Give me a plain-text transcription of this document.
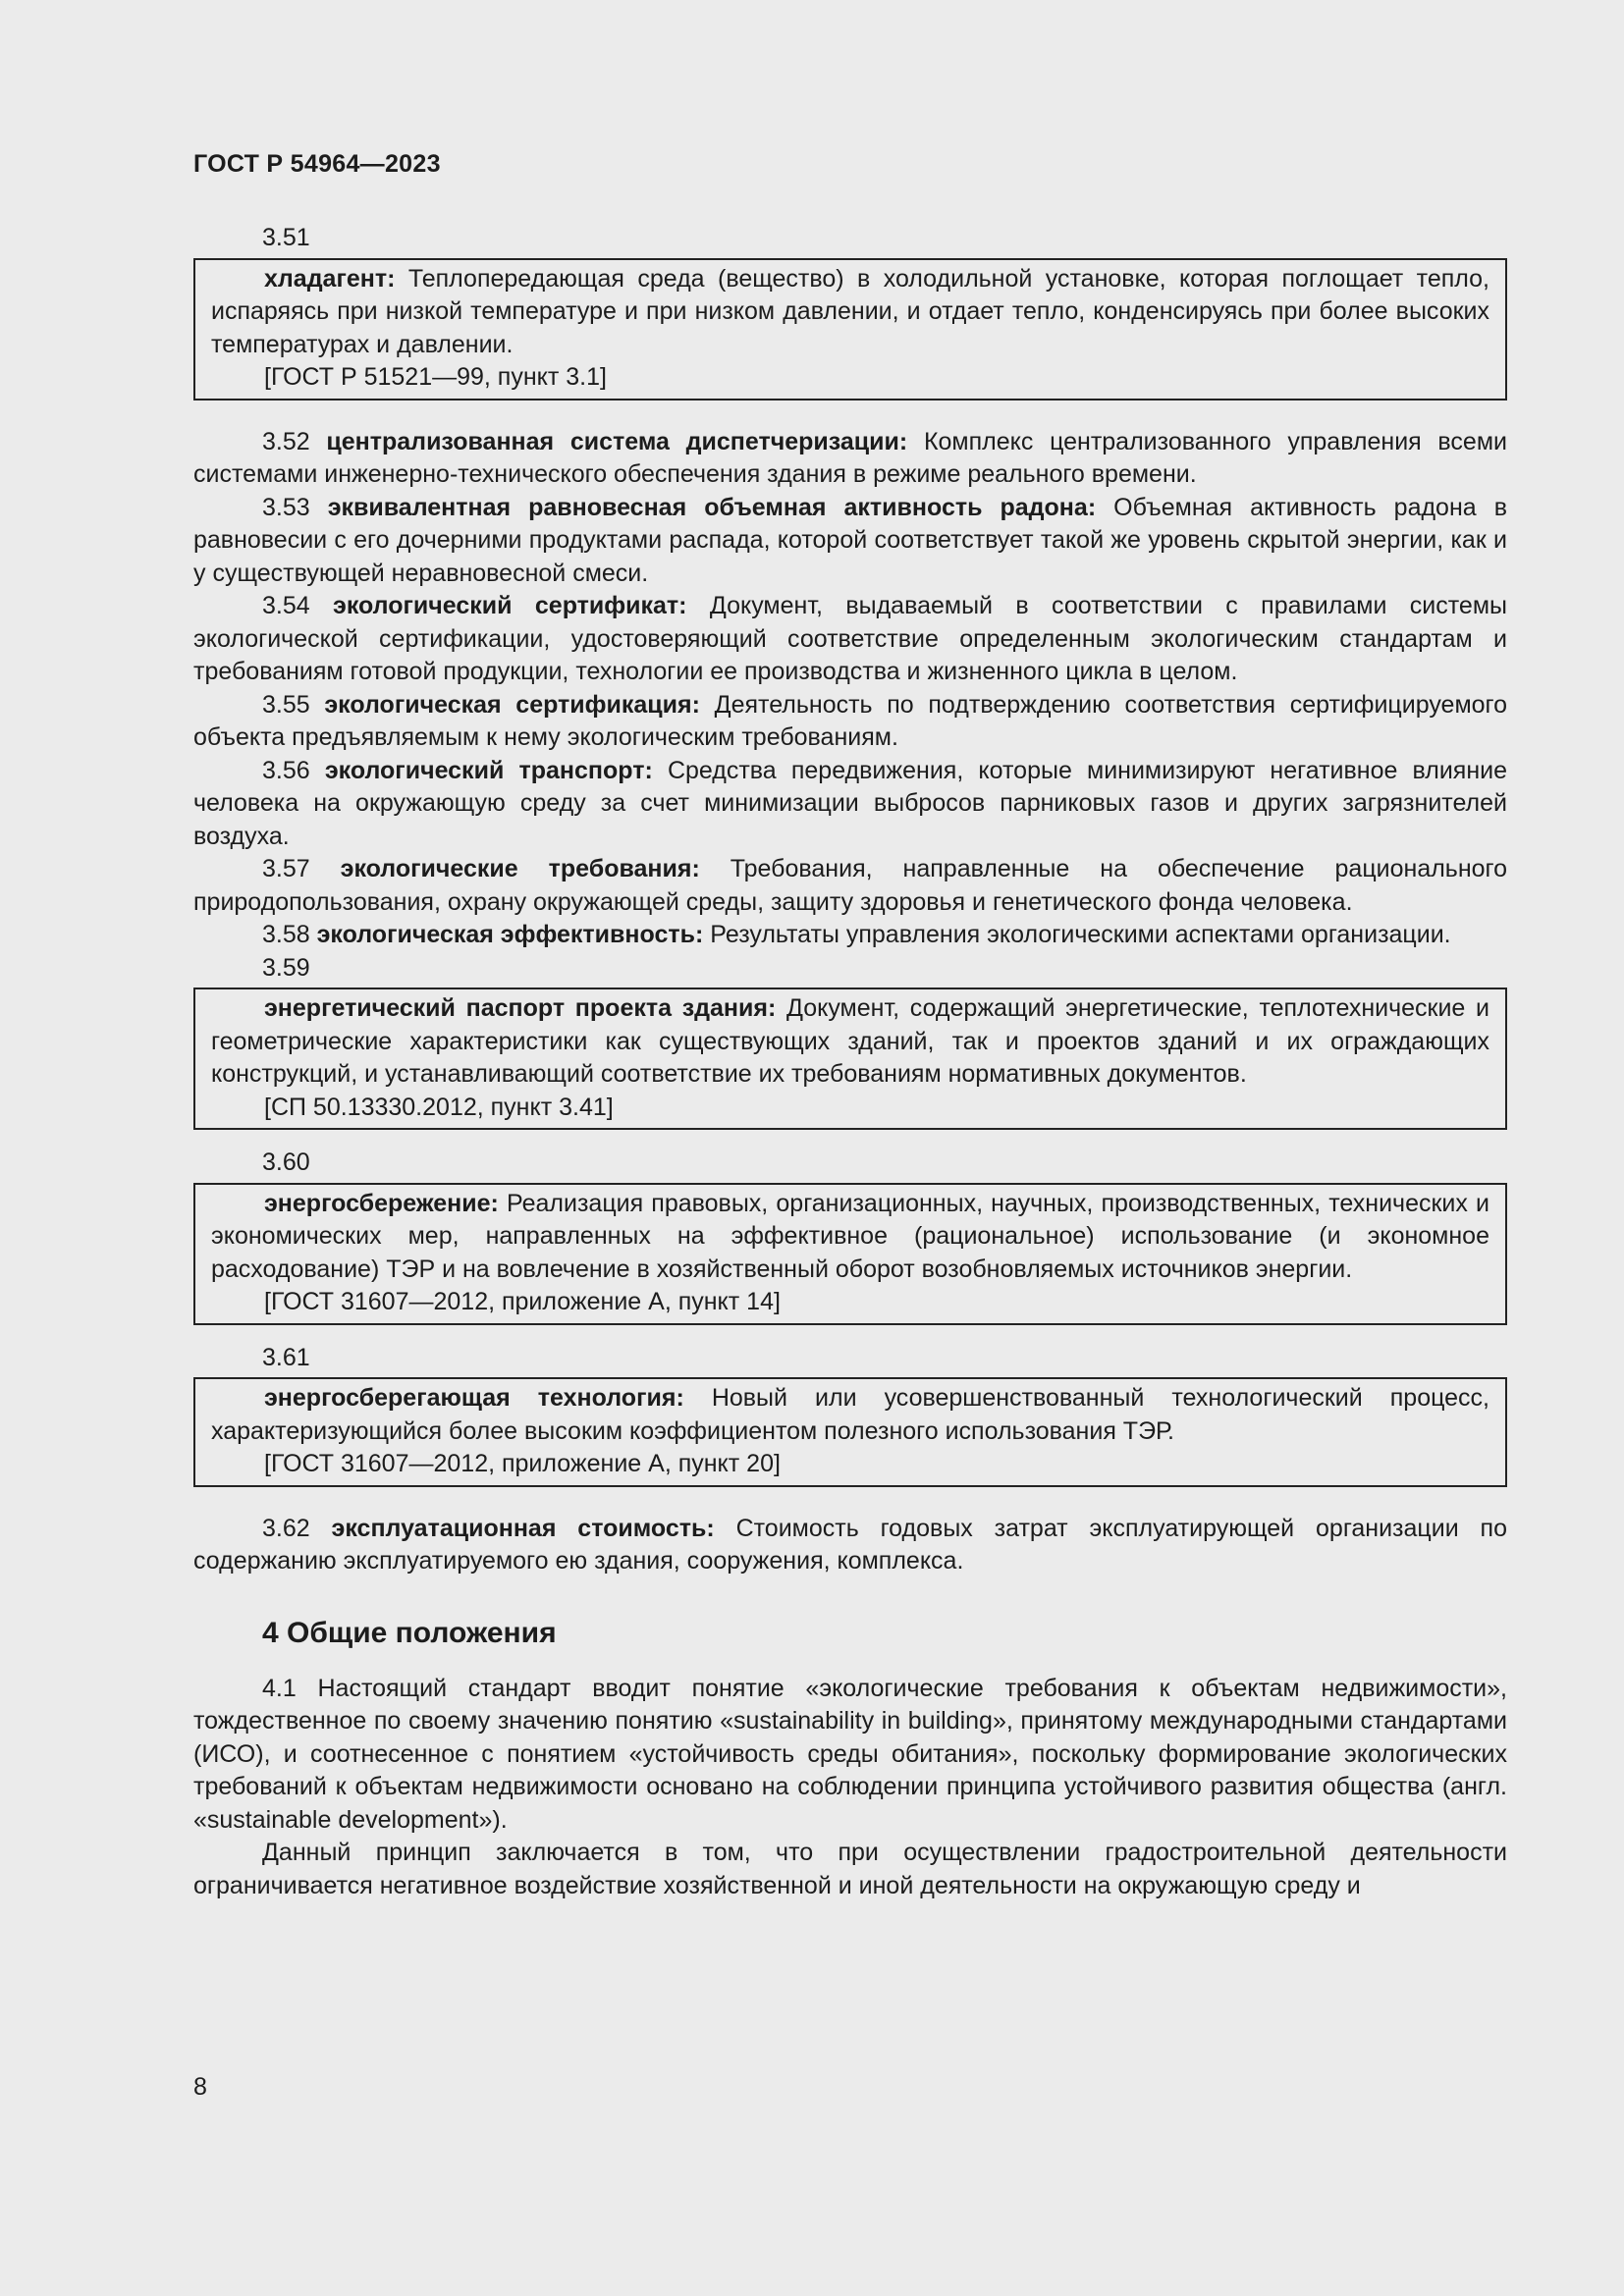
ГОСТ Р 54964—2023

3.51

хладагент: Теплопередающая среда (вещество) в холодильной установке, которая поглощает тепло, испаряясь при низкой температуре и при низком давлении, и отдает тепло, конденсируясь при более высоких температурах и давлении.

[ГОСТ Р 51521—99, пункт 3.1]

3.52 централизованная система диспетчеризации: Комплекс централизованного управления всеми системами инженерно-технического обеспечения здания в режиме реального времени.

3.53 эквивалентная равновесная объемная активность радона: Объемная активность радона в равновесии с его дочерними продуктами распада, которой соответствует такой же уровень скрытой энергии, как и у существующей неравновесной смеси.

3.54 экологический сертификат: Документ, выдаваемый в соответствии с правилами системы экологической сертификации, удостоверяющий соответствие определенным экологическим стандартам и требованиям готовой продукции, технологии ее производства и жизненного цикла в целом.

3.55 экологическая сертификация: Деятельность по подтверждению соответствия сертифицируемого объекта предъявляемым к нему экологическим требованиям.

3.56 экологический транспорт: Средства передвижения, которые минимизируют негативное влияние человека на окружающую среду за счет минимизации выбросов парниковых газов и других загрязнителей воздуха.

3.57 экологические требования: Требования, направленные на обеспечение рационального природопользования, охрану окружающей среды, защиту здоровья и генетического фонда человека.

3.58 экологическая эффективность: Результаты управления экологическими аспектами организации.

3.59

энергетический паспорт проекта здания: Документ, содержащий энергетические, теплотехнические и геометрические характеристики как существующих зданий, так и проектов зданий и их ограждающих конструкций, и устанавливающий соответствие их требованиям нормативных документов.

[СП 50.13330.2012, пункт 3.41]

3.60

энергосбережение: Реализация правовых, организационных, научных, производственных, технических и экономических мер, направленных на эффективное (рациональное) использование (и экономное расходование) ТЭР и на вовлечение в хозяйственный оборот возобновляемых источников энергии.

[ГОСТ 31607—2012, приложение А, пункт 14]

3.61

энергосберегающая технология: Новый или усовершенствованный технологический процесс, характеризующийся более высоким коэффициентом полезного использования ТЭР.

[ГОСТ 31607—2012, приложение А, пункт 20]

3.62 эксплуатационная стоимость: Стоимость годовых затрат эксплуатирующей организации по содержанию эксплуатируемого ею здания, сооружения, комплекса.

4 Общие положения

4.1 Настоящий стандарт вводит понятие «экологические требования к объектам недвижимости», тождественное по своему значению понятию «sustainability in building», принятому международными стандартами (ИСО), и соотнесенное с понятием «устойчивость среды обитания», поскольку формирование экологических требований к объектам недвижимости основано на соблюдении принципа устойчивого развития общества (англ. «sustainable development»).

Данный принцип заключается в том, что при осуществлении градостроительной деятельности ограничивается негативное воздействие хозяйственной и иной деятельности на окружающую среду и

8
